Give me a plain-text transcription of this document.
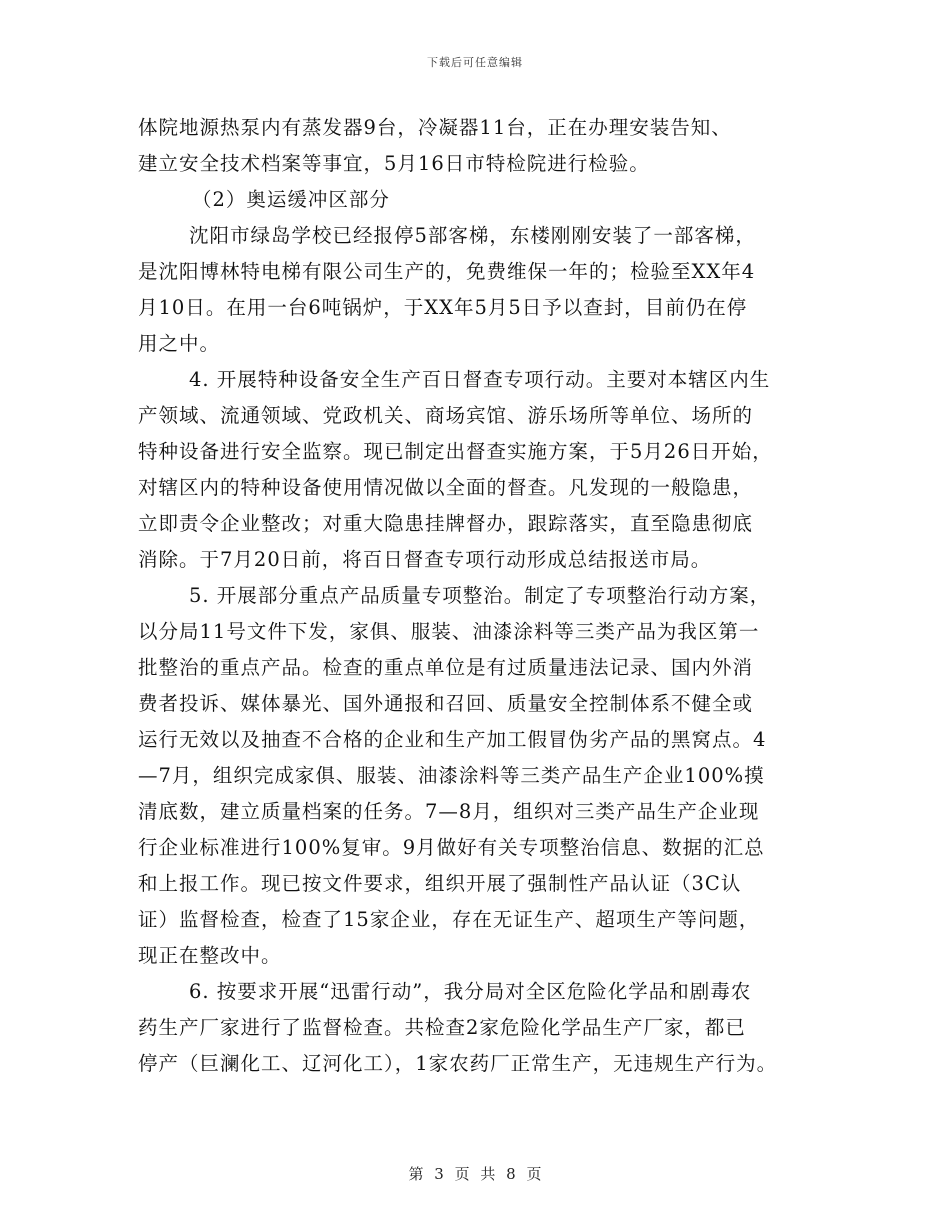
下载后可任意编辑
体院地源热泵内有蒸发器9台，冷凝器11台，正在办理安装告知、
建立安全技术档案等事宜，5月16日市特检院进行检验。
（2）奥运缓冲区部分
沈阳市绿岛学校已经报停5部客梯，东楼刚刚安装了一部客梯，
是沈阳博林特电梯有限公司生产的，免费维保一年的；检验至XX年4
月10日。在用一台6吨锅炉，于XX年5月5日予以查封，目前仍在停
用之中。
4. 开展特种设备安全生产百日督查专项行动。主要对本辖区内生
产领域、流通领域、党政机关、商场宾馆、游乐场所等单位、场所的
特种设备进行安全监察。现已制定出督查实施方案，于5月26日开始，
对辖区内的特种设备使用情况做以全面的督查。凡发现的一般隐患，
立即责令企业整改；对重大隐患挂牌督办，跟踪落实，直至隐患彻底
消除。于7月20日前，将百日督查专项行动形成总结报送市局。
5. 开展部分重点产品质量专项整治。制定了专项整治行动方案，
以分局11号文件下发，家俱、服装、油漆涂料等三类产品为我区第一
批整治的重点产品。检查的重点单位是有过质量违法记录、国内外消
费者投诉、媒体暴光、国外通报和召回、质量安全控制体系不健全或
运行无效以及抽查不合格的企业和生产加工假冒伪劣产品的黑窝点。4
—7月，组织完成家俱、服装、油漆涂料等三类产品生产企业100%摸
清底数，建立质量档案的任务。7—8月，组织对三类产品生产企业现
行企业标准进行100%复审。9月做好有关专项整治信息、数据的汇总
和上报工作。现已按文件要求，组织开展了强制性产品认证（3C认
证）监督检查，检查了15家企业，存在无证生产、超项生产等问题，
现正在整改中。
6. 按要求开展“迅雷行动”，我分局对全区危险化学品和剧毒农
药生产厂家进行了监督检查。共检查2家危险化学品生产厂家，都已
停产（巨澜化工、辽河化工），1家农药厂正常生产，无违规生产行为。
第 3 页 共 8 页
